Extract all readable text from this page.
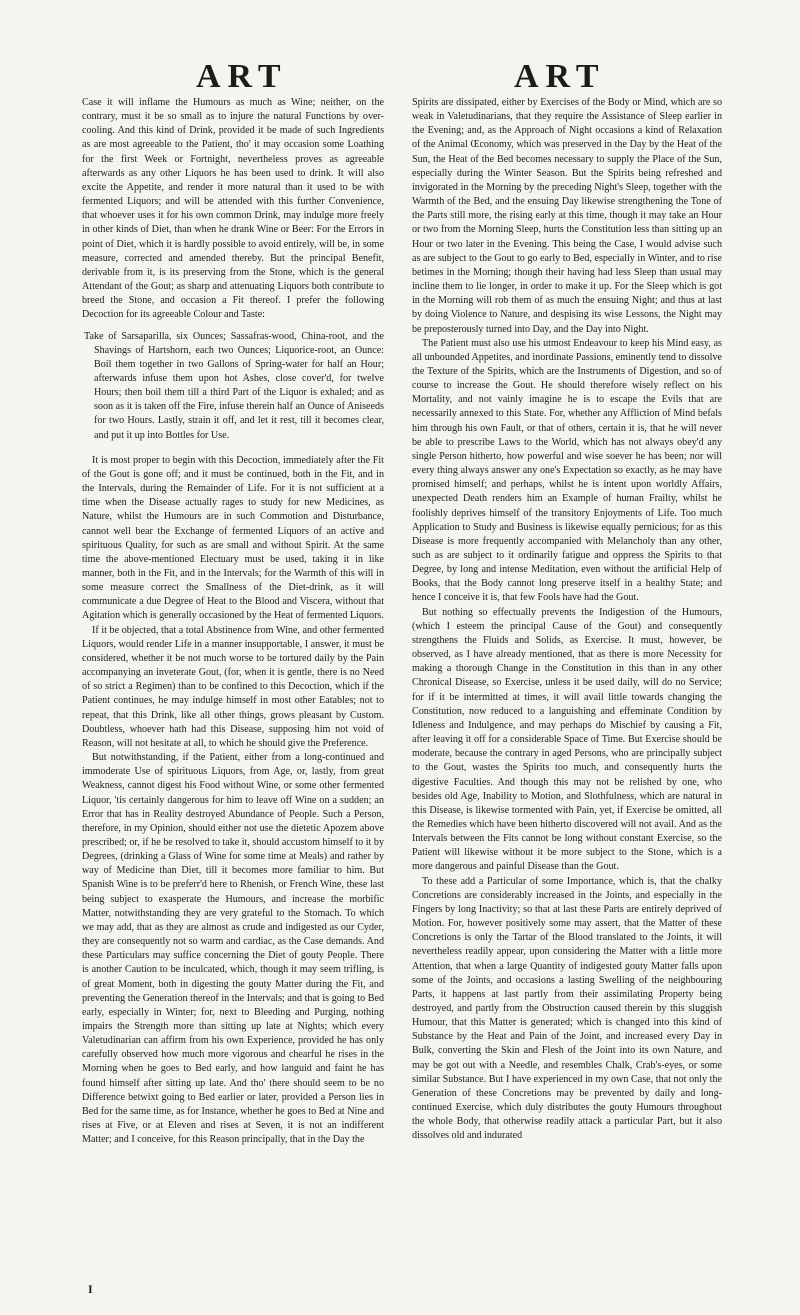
ART	ART

Case it will inflame the Humours as much as Wine; neither, on the contrary, must it be so small as to injure the natural Functions by over-cooling. And this kind of Drink, provided it be made of such Ingredients as are most agreeable to the Patient, tho' it may occasion some Loathing for the first Week or Fortnight, nevertheless proves as agreeable afterwards as any other Liquors he has been used to drink. It will also excite the Appetite, and render it more natural than it used to be with fermented Liquors; and will be attended with this further Convenience, that whoever uses it for his own common Drink, may indulge more freely in other kinds of Diet, than when he drank Wine or Beer: For the Errors in point of Diet, which it is hardly possible to avoid entirely, will be, in some measure, corrected and amended thereby. But the principal Benefit, derivable from it, is its preserving from the Stone, which is the general Attendant of the Gout; as sharp and attenuating Liquors both contribute to breed the Stone, and occasion a Fit thereof. I prefer the following Decoction for its agreeable Colour and Taste:

Take of Sarsaparilla, six Ounces; Sassafras-wood, China-root, and the Shavings of Hartshorn, each two Ounces; Liquorice-root, an Ounce: Boil them together in two Gallons of Spring-water for half an Hour; afterwards infuse them upon hot Ashes, close cover'd, for twelve Hours; then boil them till a third Part of the Liquor is exhaled; and as soon as it is taken off the Fire, infuse therein half an Ounce of Aniseeds for two Hours. Lastly, strain it off, and let it rest, till it becomes clear, and put it up into Bottles for Use.

It is most proper to begin with this Decoction, immediately after the Fit of the Gout is gone off; and it must be continued, both in the Fit, and in the Intervals, during the Remainder of Life. For it is not sufficient at a time when the Disease actually rages to study for new Medicines, as Nature, whilst the Humours are in such Commotion and Disturbance, cannot well bear the Exchange of fermented Liquors of an active and spirituous Quality, for such as are small and without Spirit. At the same time the above-mentioned Electuary must be used, taking it in like manner, both in the Fit, and in the Intervals; for the Warmth of this will in some measure correct the Smallness of the Diet-drink, as it will communicate a due Degree of Heat to the Blood and Viscera, without that Agitation which is generally occasioned by the Heat of fermented Liquors.

If it be objected, that a total Abstinence from Wine, and other fermented Liquors, would render Life in a manner insupportable, I answer, it must be considered, whether it be not much worse to be tortured daily by the Pain accompanying an inveterate Gout, (for, when it is gentle, there is no Need of so strict a Regimen) than to be confined to this Decoction, which if the Patient continues, he may indulge himself in most other Eatables; not to repeat, that this Drink, like all other things, grows pleasant by Custom. Doubtless, whoever hath had this Disease, supposing him not void of Reason, will not hesitate at all, to which he should give the Preference.

But notwithstanding, if the Patient, either from a long-continued and immoderate Use of spirituous Liquors, from Age, or, lastly, from great Weakness, cannot digest his Food without Wine, or some other fermented Liquor, 'tis certainly dangerous for him to leave off Wine on a sudden; an Error that has in Reality destroyed Abundance of People. Such a Person, therefore, in my Opinion, should either not use the dietetic Apozem above prescribed; or, if he be resolved to take it, should accustom himself to it by Degrees, (drinking a Glass of Wine for some time at Meals) and rather by way of Medicine than Diet, till it becomes more familiar to him. But Spanish Wine is to be preferr'd here to Rhenish, or French Wine, these last being subject to exasperate the Humours, and increase the morbific Matter, notwithstanding they are very grateful to the Stomach. To which we may add, that as they are almost as crude and indigested as our Cyder, they are consequently not so warm and cardiac, as the Case demands. And these Particulars may suffice concerning the Diet of gouty People. There is another Caution to be inculcated, which, though it may seem trifling, is of great Moment, both in digesting the gouty Matter during the Fit, and preventing the Generation thereof in the Intervals; and that is going to Bed early, especially in Winter; for, next to Bleeding and Purging, nothing impairs the Strength more than sitting up late at Nights; which every Valetudinarian can affirm from his own Experience, provided he has only carefully observed how much more vigorous and chearful he rises in the Morning when he goes to Bed early, and how languid and faint he has found himself after sitting up late. And tho' there should seem to be no Difference betwixt going to Bed earlier or later, provided a Person lies in Bed for the same time, as for Instance, whether he goes to Bed at Nine and rises at Five, or at Eleven and rises at Seven, it is not an indifferent Matter; and I conceive, for this Reason principally, that in the Day the

Spirits are dissipated, either by Exercises of the Body or Mind, which are so weak in Valetudinarians, that they require the Assistance of Sleep earlier in the Evening; and, as the Approach of Night occasions a kind of Relaxation of the Animal Œconomy, which was preserved in the Day by the Heat of the Sun, the Heat of the Bed becomes necessary to supply the Place of the Sun, especially during the Winter Season. But the Spirits being refreshed and invigorated in the Morning by the preceding Night's Sleep, together with the Warmth of the Bed, and the ensuing Day likewise strengthening the Tone of the Parts still more, the rising early at this time, though it may take an Hour or two from the Morning Sleep, hurts the Constitution less than sitting up an Hour or two later in the Evening. This being the Case, I would advise such as are subject to the Gout to go early to Bed, especially in Winter, and to rise betimes in the Morning; though their having had less Sleep than usual may incline them to lie longer, in order to make it up. For the Sleep which is got in the Morning will rob them of as much the ensuing Night; and thus at last by doing Violence to Nature, and despising its wise Lessons, the Night may be preposterously turned into Day, and the Day into Night.

The Patient must also use his utmost Endeavour to keep his Mind easy, as all unbounded Appetites, and inordinate Passions, eminently tend to dissolve the Texture of the Spirits, which are the Instruments of Digestion, and so of course to increase the Gout. He should therefore wisely reflect on his Mortality, and not vainly imagine he is to escape the Evils that are necessarily annexed to this State. For, whether any Affliction of Mind befals him through his own Fault, or that of others, certain it is, that he will never be able to prescribe Laws to the World, which has not always obey'd any single Person hitherto, how powerful and wise soever he has been; nor will every thing always answer any one's Expectation so exactly, as he may have promised himself; and perhaps, whilst he is intent upon worldly Affairs, unexpected Death renders him an Example of human Frailty, whilst he foolishly deprives himself of the transitory Enjoyments of Life. Too much Application to Study and Business is likewise equally pernicious; for as this Disease is more frequently accompanied with Melancholy than any other, such as are subject to it ordinarily fatigue and oppress the Spirits to that Degree, by long and intense Meditation, even without the artificial Help of Books, that the Body cannot long preserve itself in a healthy State; and hence I conceive it is, that few Fools have had the Gout.

But nothing so effectually prevents the Indigestion of the Humours, (which I esteem the principal Cause of the Gout) and consequently strengthens the Fluids and Solids, as Exercise. It must, however, be observed, as I have already mentioned, that as there is more Necessity for making a thorough Change in the Constitution in this than in any other Chronical Disease, so Exercise, unless it be used daily, will do no Service; for if it be intermitted at times, it will avail little towards changing the Constitution, now reduced to a languishing and effeminate Condition by Idleness and Indulgence, and may perhaps do Mischief by causing a Fit, after leaving it off for a considerable Space of Time. But Exercise should be moderate, because the contrary in aged Persons, who are principally subject to the Gout, wastes the Spirits too much, and consequently hurts the digestive Faculties. And though this may not be relished by one, who besides old Age, Inability to Motion, and Slothfulness, which are natural in this Disease, is likewise tormented with Pain, yet, if Exercise be omitted, all the Remedies which have been hitherto discovered will not avail. And as the Intervals between the Fits cannot be long without constant Exercise, so the Patient will likewise without it be more subject to the Stone, which is a more dangerous and painful Disease than the Gout.

To these add a Particular of some Importance, which is, that the chalky Concretions are considerably increased in the Joints, and especially in the Fingers by long Inactivity; so that at last these Parts are entirely deprived of Motion. For, however positively some may assert, that the Matter of these Concretions is only the Tartar of the Blood translated to the Joints, it will nevertheless readily appear, upon considering the Matter with a little more Attention, that when a large Quantity of indigested gouty Matter falls upon some of the Joints, and occasions a lasting Swelling of the neighbouring Parts, it happens at last partly from their assimilating Property being destroyed, and partly from the Obstruction caused therein by this sluggish Humour, that this Matter is generated; which is changed into this kind of Substance by the Heat and Pain of the Joint, and increased every Day in Bulk, converting the Skin and Flesh of the Joint into its own Nature, and may be got out with a Needle, and resembles Chalk, Crab's-eyes, or some similar Substance. But I have experienced in my own Case, that not only the Generation of these Concretions may be prevented by daily and long-continued Exercise, which duly distributes the gouty Humours throughout the whole Body, that otherwise readily attack a particular Part, but it also dissolves old and indurated

I
